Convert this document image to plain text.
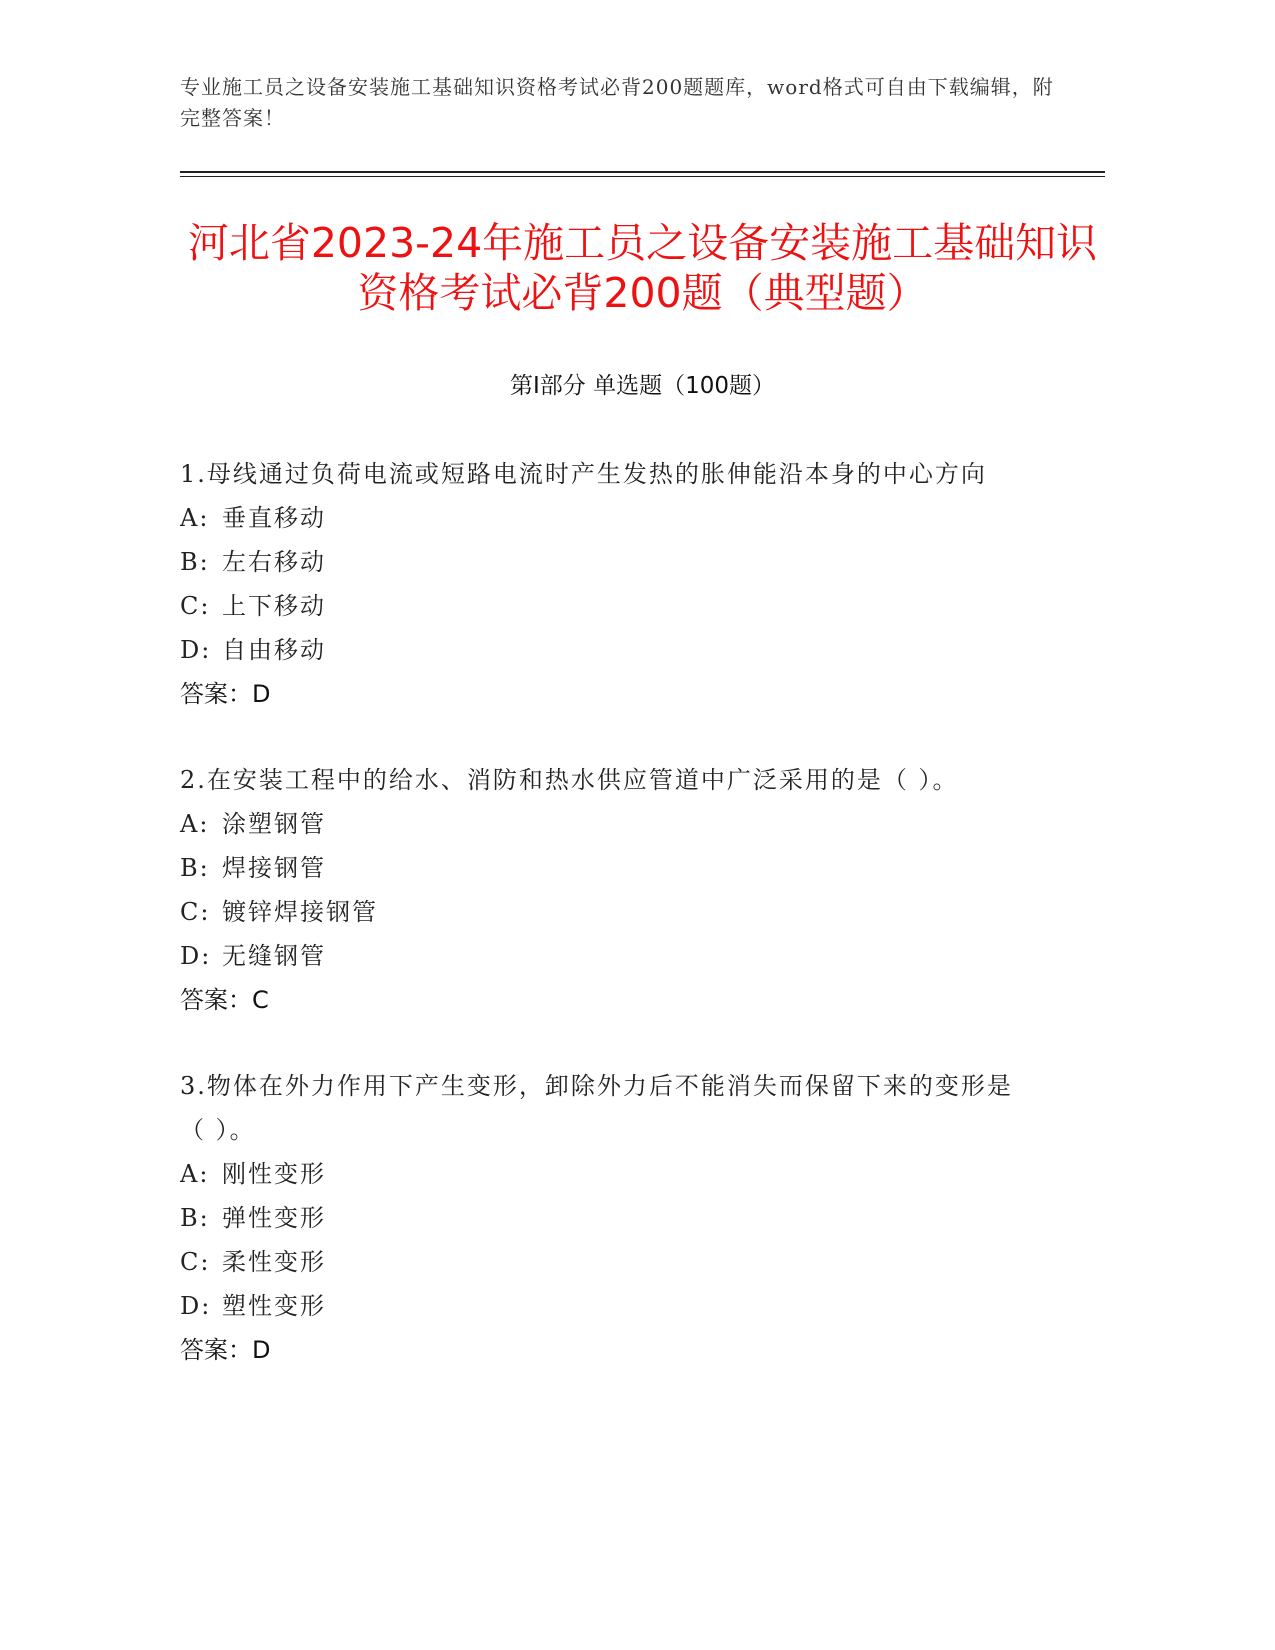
专业施工员之设备安装施工基础知识资格考试必背200题题库，word格式可自由下载编辑，附完整答案！
河北省2023-24年施工员之设备安装施工基础知识资格考试必背200题（典型题）
第I部分 单选题（100题）
1.母线通过负荷电流或短路电流时产生发热的胀伸能沿本身的中心方向
A: 垂直移动
B: 左右移动
C: 上下移动
D: 自由移动
答案：D
2.在安装工程中的给水、消防和热水供应管道中广泛采用的是（ ）。
A: 涂塑钢管
B: 焊接钢管
C: 镀锌焊接钢管
D: 无缝钢管
答案：C
3.物体在外力作用下产生变形，卸除外力后不能消失而保留下来的变形是（ ）。
A: 刚性变形
B: 弹性变形
C: 柔性变形
D: 塑性变形
答案：D
